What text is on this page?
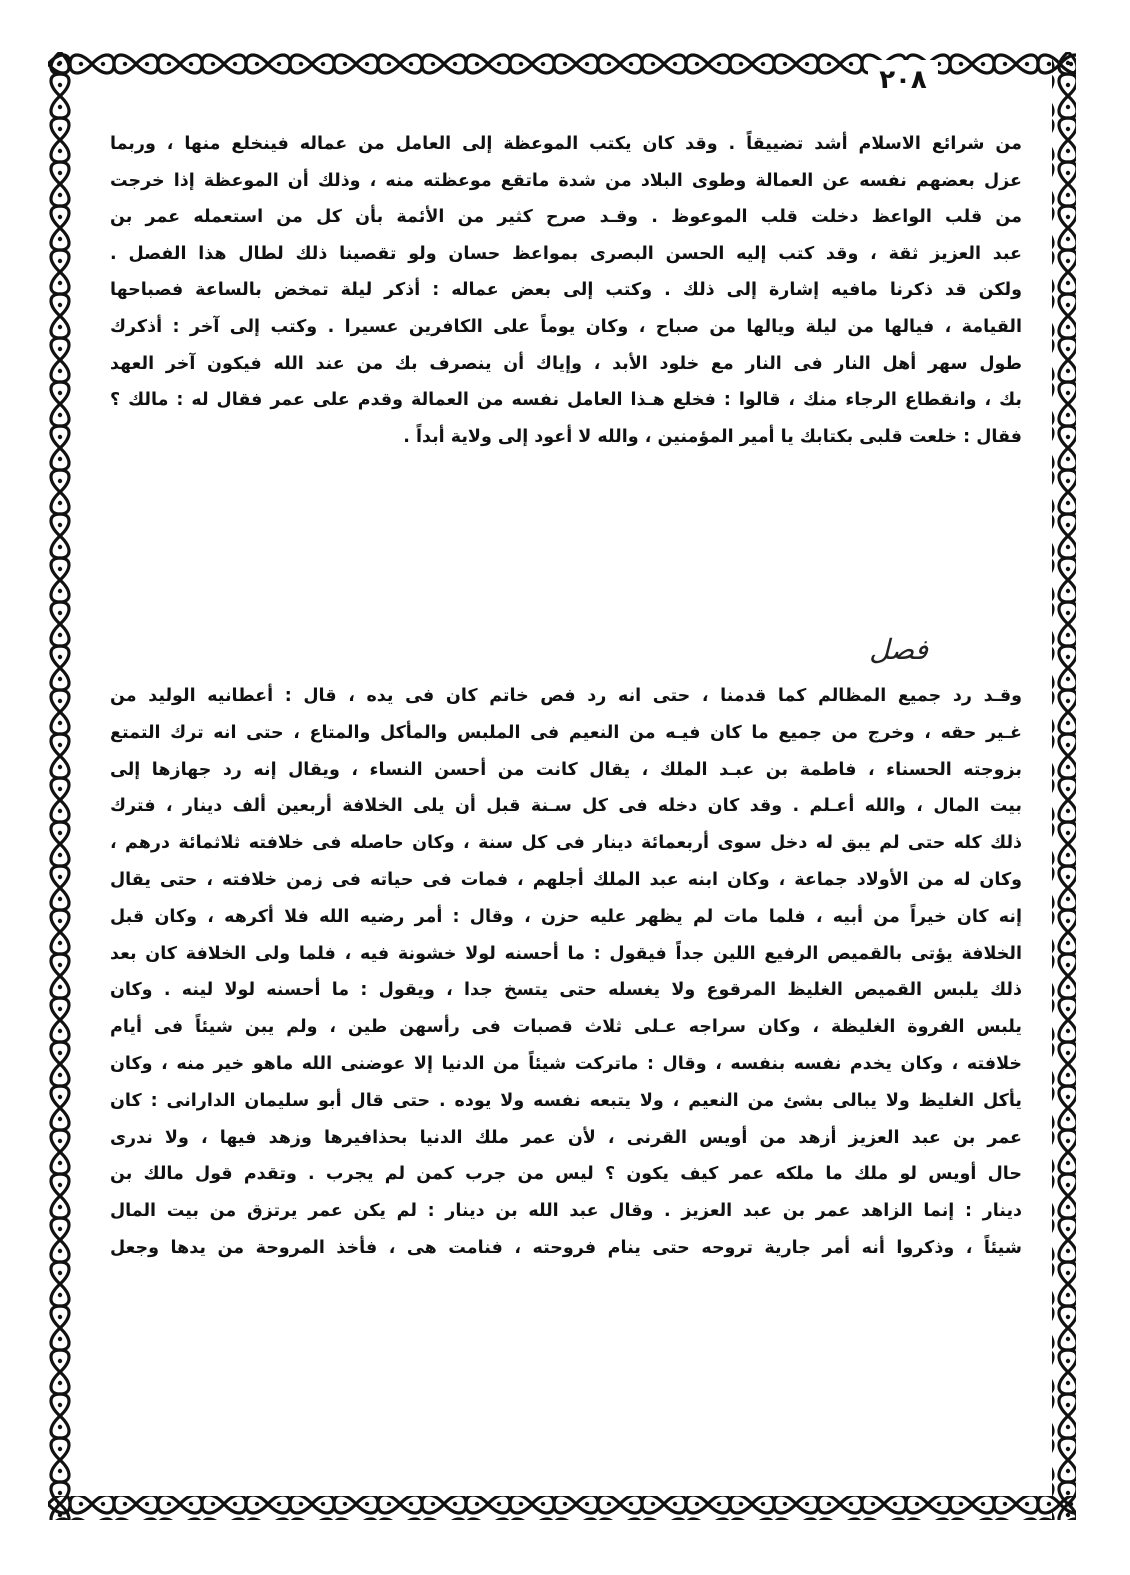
٢٠٨
من شرائع الاسلام أشد تضييقاً . وقد كان يكتب الموعظة إلى العامل من عماله فينخلع منها ، وربما
عزل بعضهم نفسه عن العمالة وطوى البلاد من شدة ماتقع موعظته منه ، وذلك أن الموعظة إذا خرجت
من قلب الواعظ دخلت قلب الموعوظ . وقـد صرح كثير من الأئمة بأن كل من استعمله عمر بن
عبد العزيز ثقة ، وقد كتب إليه الحسن البصرى بمواعظ حسان ولو تقصينا ذلك لطال هذا الفصل .
ولكن قد ذكرنا مافيه إشارة إلى ذلك . وكتب إلى بعض عماله : أذكر ليلة تمخض بالساعة فصباحها
القيامة ، فيالها من ليلة ويالها من صباح ، وكان يوماً على الكافرين عسيرا . وكتب إلى آخر : أذكرك
طول سهر أهل النار فى النار مع خلود الأبد ، وإياك أن ينصرف بك من عند الله فيكون آخر العهد
بك ، وانقطاع الرجاء منك ، قالوا : فخلع هـذا العامل نفسه من العمالة وقدم على عمر فقال له : مالك ؟
فقال : خلعت قلبى بكتابك يا أمير المؤمنين ، والله لا أعود إلى ولاية أبداً .
فصل
وقـد رد جميع المظالم كما قدمنا ، حتى انه رد فص خاتم كان فى يده ، قال : أعطانيه الوليد من
غـير حقه ، وخرج من جميع ما كان فيـه من النعيم فى الملبس والمأكل والمتاع ، حتى انه ترك التمتع
بزوجته الحسناء ، فاطمة بن عبـد الملك ، يقال كانت من أحسن النساء ، ويقال إنه رد جهازها إلى
بيت المال ، والله أعـلم . وقد كان دخله فى كل سـنة قبل أن يلى الخلافة أربعين ألف دينار ، فترك
ذلك كله حتى لم يبق له دخل سوى أربعمائة دينار فى كل سنة ، وكان حاصله فى خلافته ثلاثمائة درهم ،
وكان له من الأولاد جماعة ، وكان ابنه عبد الملك أجلهم ، فمات فى حياته فى زمن خلافته ، حتى يقال
إنه كان خيراً من أبيه ، فلما مات لم يظهر عليه حزن ، وقال : أمر رضيه الله فلا أكرهه ، وكان قبل
الخلافة يؤتى بالقميص الرفيع اللين جداً فيقول : ما أحسنه لولا خشونة فيه ، فلما ولى الخلافة كان بعد
ذلك يلبس القميص الغليظ المرقوع ولا يغسله حتى يتسخ جدا ، ويقول : ما أحسنه لولا لينه . وكان
يلبس الفروة الغليظة ، وكان سراجه عـلى ثلاث قصبات فى رأسهن طين ، ولم يبن شيئاً فى أيام
خلافته ، وكان يخدم نفسه بنفسه ، وقال : ماتركت شيئاً من الدنيا إلا عوضنى الله ماهو خير منه ، وكان
يأكل الغليظ ولا يبالى بشئ من النعيم ، ولا يتبعه نفسه ولا يوده . حتى قال أبو سليمان الدارانى : كان
عمر بن عبد العزيز أزهد من أويس القرنى ، لأن عمر ملك الدنيا بحذافيرها وزهد فيها ، ولا ندرى
حال أويس لو ملك ما ملكه عمر كيف يكون ؟ ليس من جرب كمن لم يجرب . وتقدم قول مالك بن
دينار : إنما الزاهد عمر بن عبد العزيز . وقال عبد الله بن دينار : لم يكن عمر يرتزق من بيت المال
شيئاً ، وذكروا أنه أمر جارية تروحه حتى ينام فروحته ، فنامت هى ، فأخذ المروحة من يدها وجعل
